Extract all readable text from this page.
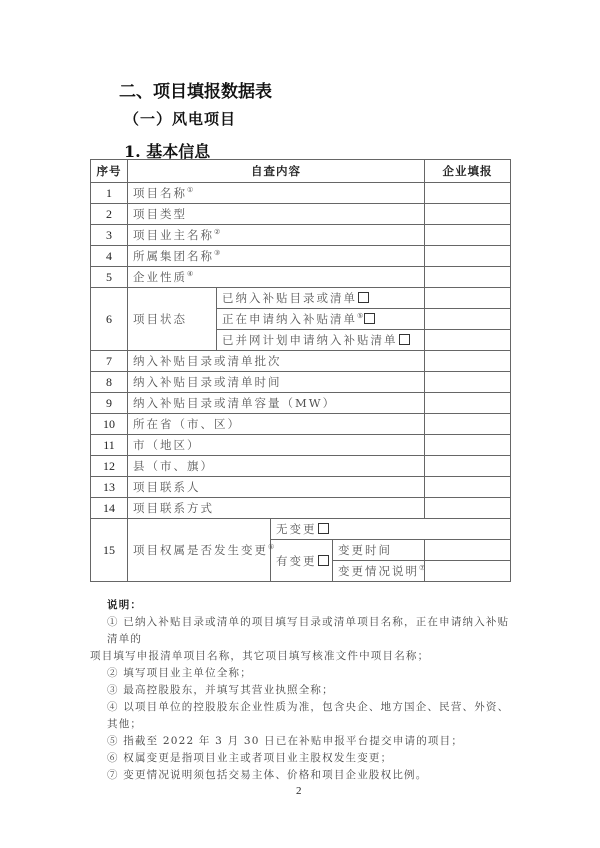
二、项目填报数据表
（一）风电项目
1. 基本信息
序号	自查内容				企业填报
1	项目名称①	
2	项目类型				
3	项目业主名称②	
4	所属集团名称③	
5	企业性质④	
6	项目状态	已纳入补贴目录或清单			
		正在申请纳入补贴清单⑤	
		已并网计划申请纳入补贴清单			
7	纳入补贴目录或清单批次				
8	纳入补贴目录或清单时间				
9	纳入补贴目录或清单容量（MW）				
10	所在省（市、区）				
11	市（地区）				
12	县（市、旗）				
13	项目联系人				
14	项目联系方式				
15	项目权属是否发生变更⑥		无变更		
			有变更	变更时间	
				变更情况说明⑦	
说明：
① 已纳入补贴目录或清单的项目填写目录或清单项目名称，正在申请纳入补贴清单的
项目填写申报清单项目名称，其它项目填写核准文件中项目名称；
② 填写项目业主单位全称；
③ 最高控股股东，并填写其营业执照全称；
④ 以项目单位的控股股东企业性质为准，包含央企、地方国企、民营、外资、其他；
⑤ 指截至 2022 年 3 月 30 日已在补贴申报平台提交申请的项目；
⑥ 权属变更是指项目业主或者项目业主股权发生变更；
⑦ 变更情况说明须包括交易主体、价格和项目企业股权比例。
2
